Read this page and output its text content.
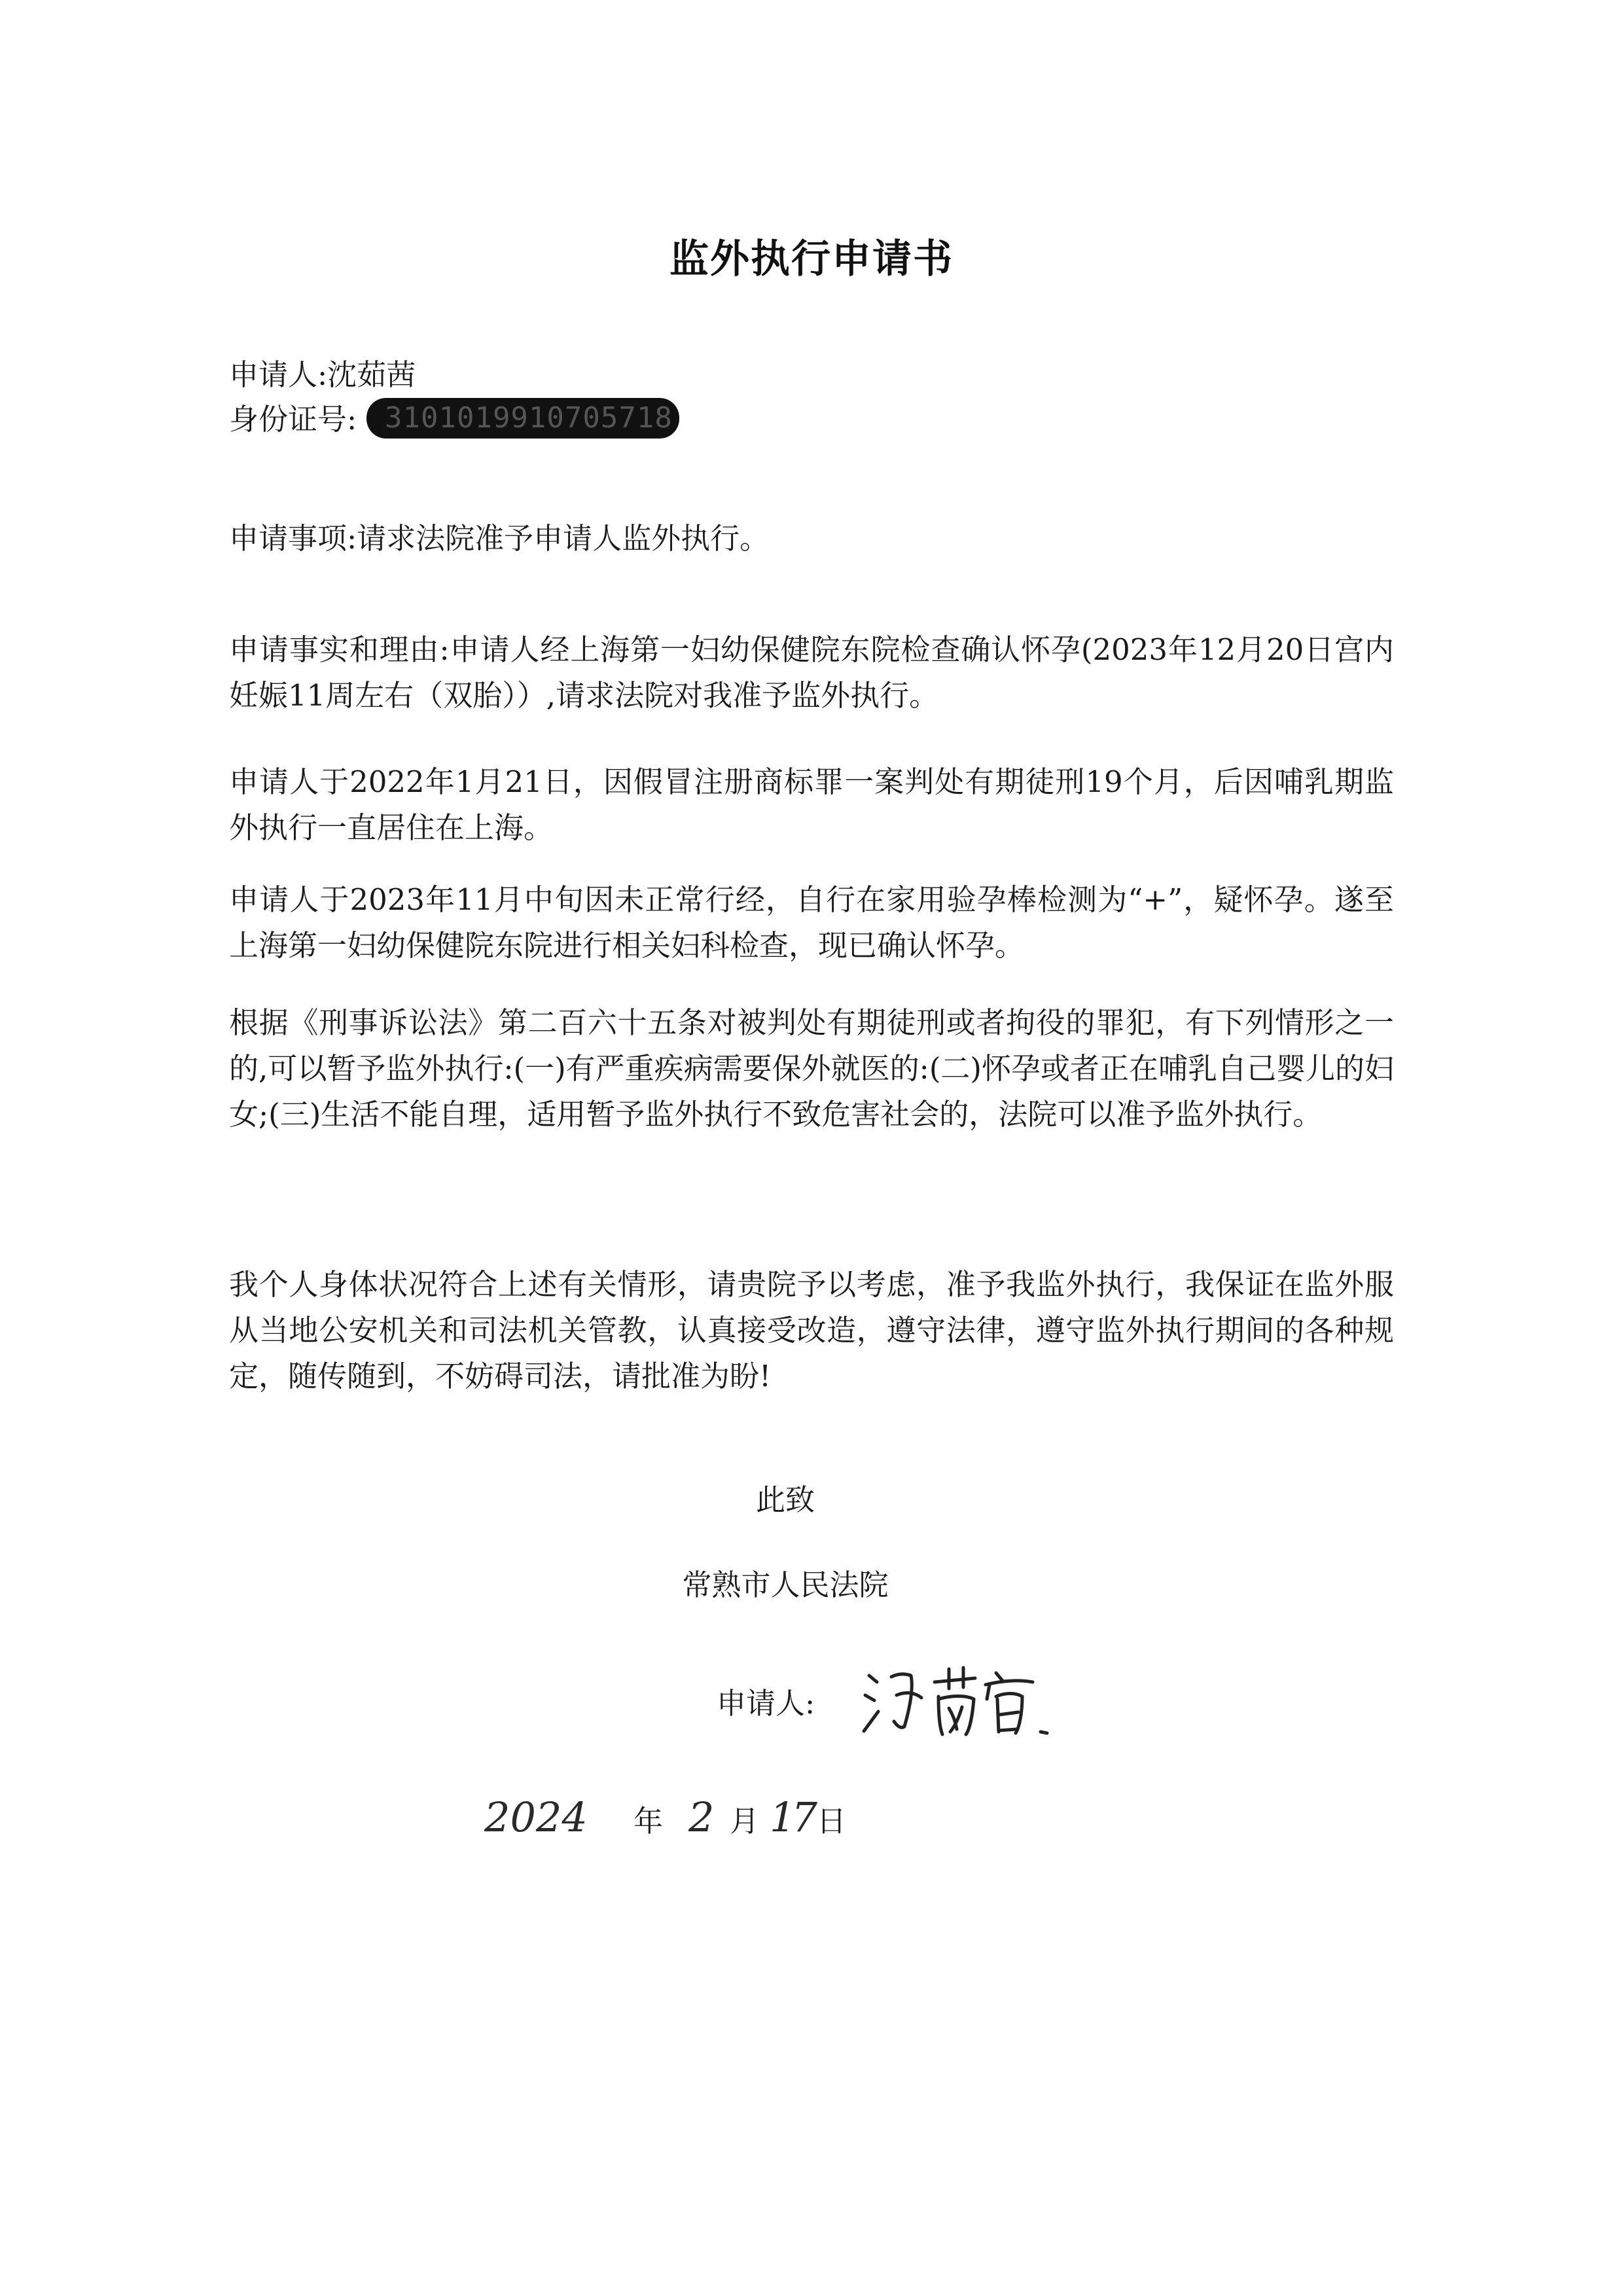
监外执行申请书
申请人:沈茹茜
身份证号: 3101019910705718
申请事项:请求法院准予申请人监外执行。
申请事实和理由:申请人经上海第一妇幼保健院东院检查确认怀孕(2023年12月20日宫内妊娠11周左右（双胎））,请求法院对我准予监外执行。
申请人于2022年1月21日，因假冒注册商标罪一案判处有期徒刑19个月，后因哺乳期监外执行一直居住在上海。
申请人于2023年11月中旬因未正常行经，自行在家用验孕棒检测为“+”，疑怀孕。遂至上海第一妇幼保健院东院进行相关妇科检查，现已确认怀孕。
根据《刑事诉讼法》第二百六十五条对被判处有期徒刑或者拘役的罪犯，有下列情形之一的,可以暂予监外执行:(一)有严重疾病需要保外就医的:(二)怀孕或者正在哺乳自己婴儿的妇女;(三)生活不能自理，适用暂予监外执行不致危害社会的，法院可以准予监外执行。
我个人身体状况符合上述有关情形，请贵院予以考虑，准予我监外执行，我保证在监外服从当地公安机关和司法机关管教，认真接受改造，遵守法律，遵守监外执行期间的各种规定，随传随到，不妨碍司法，请批准为盼!
此致
常熟市人民法院
申请人:
2024 年 2 月 17 日
